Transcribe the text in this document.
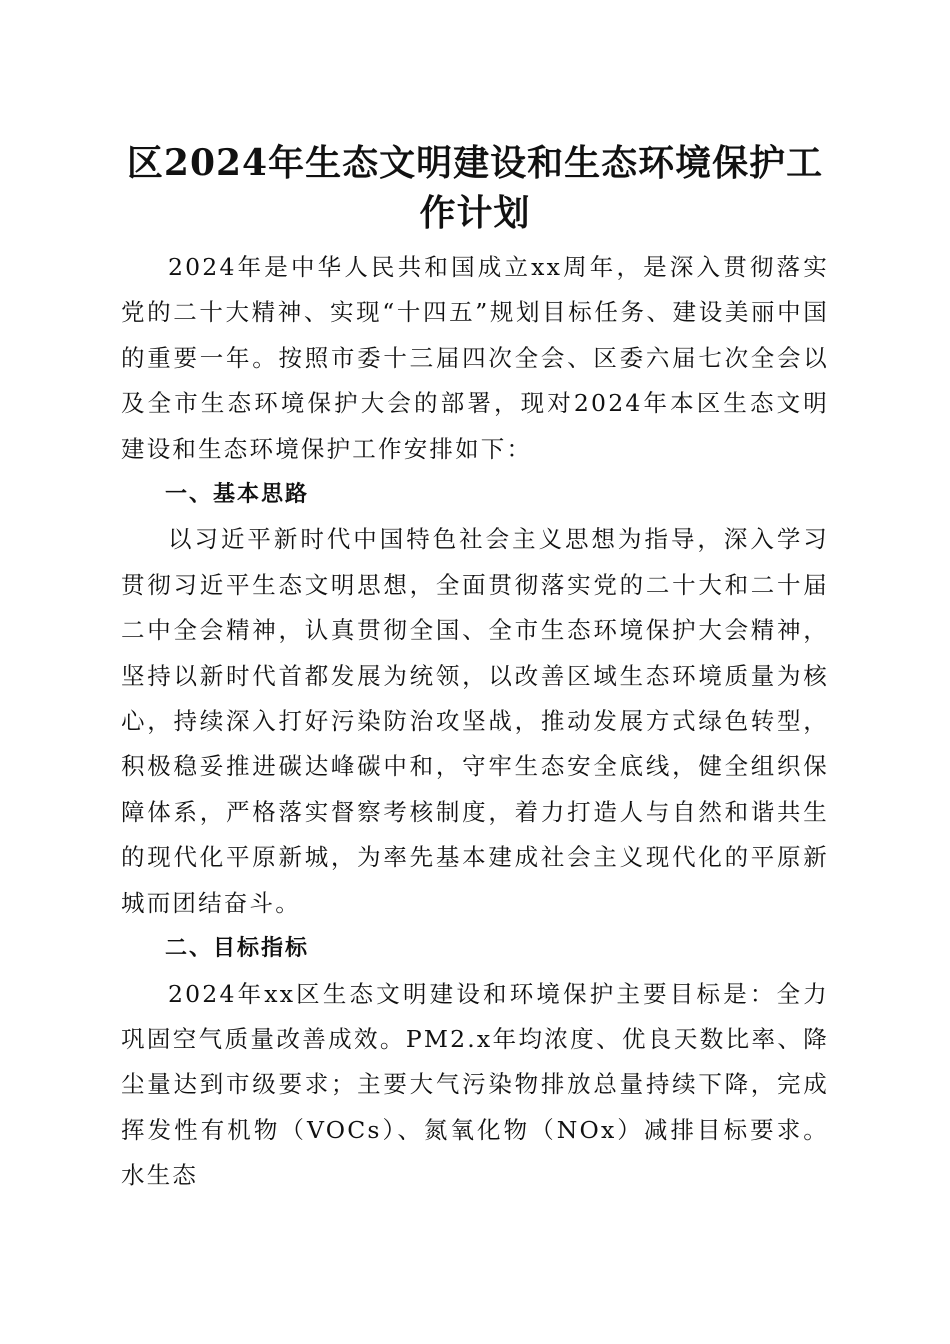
区2024年生态文明建设和生态环境保护工作计划

2024年是中华人民共和国成立xx周年，是深入贯彻落实党的二十大精神、实现“十四五”规划目标任务、建设美丽中国的重要一年。按照市委十三届四次全会、区委六届七次全会以及全市生态环境保护大会的部署，现对2024年本区生态文明建设和生态环境保护工作安排如下：

一、基本思路

以习近平新时代中国特色社会主义思想为指导，深入学习贯彻习近平生态文明思想，全面贯彻落实党的二十大和二十届二中全会精神，认真贯彻全国、全市生态环境保护大会精神，坚持以新时代首都发展为统领，以改善区域生态环境质量为核心，持续深入打好污染防治攻坚战，推动发展方式绿色转型，积极稳妥推进碳达峰碳中和，守牢生态安全底线，健全组织保障体系，严格落实督察考核制度，着力打造人与自然和谐共生的现代化平原新城，为率先基本建成社会主义现代化的平原新城而团结奋斗。

二、目标指标

2024年xx区生态文明建设和环境保护主要目标是：全力巩固空气质量改善成效。PM2.x年均浓度、优良天数比率、降尘量达到市级要求；主要大气污染物排放总量持续下降，完成挥发性有机物（VOCs）、氮氧化物（NOx）减排目标要求。水生态
